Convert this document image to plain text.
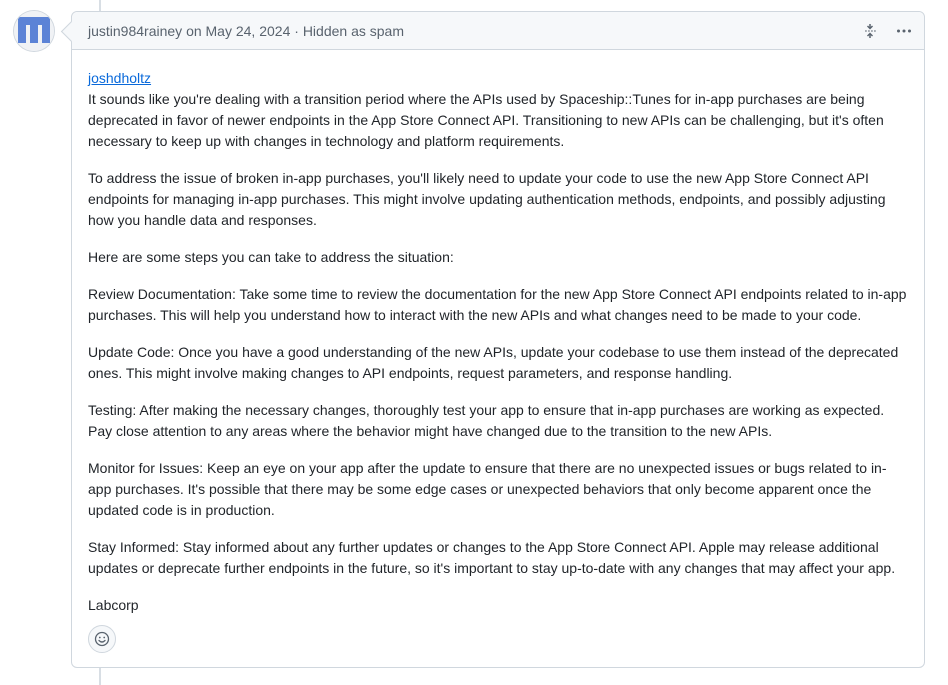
justin984rainey on May 24, 2024 · Hidden as spam

joshdholtz
It sounds like you're dealing with a transition period where the APIs used by Spaceship::Tunes for in-app purchases are being deprecated in favor of newer endpoints in the App Store Connect API. Transitioning to new APIs can be challenging, but it's often necessary to keep up with changes in technology and platform requirements.

To address the issue of broken in-app purchases, you'll likely need to update your code to use the new App Store Connect API endpoints for managing in-app purchases. This might involve updating authentication methods, endpoints, and possibly adjusting how you handle data and responses.

Here are some steps you can take to address the situation:

Review Documentation: Take some time to review the documentation for the new App Store Connect API endpoints related to in-app purchases. This will help you understand how to interact with the new APIs and what changes need to be made to your code.

Update Code: Once you have a good understanding of the new APIs, update your codebase to use them instead of the deprecated ones. This might involve making changes to API endpoints, request parameters, and response handling.

Testing: After making the necessary changes, thoroughly test your app to ensure that in-app purchases are working as expected. Pay close attention to any areas where the behavior might have changed due to the transition to the new APIs.

Monitor for Issues: Keep an eye on your app after the update to ensure that there are no unexpected issues or bugs related to in-app purchases. It's possible that there may be some edge cases or unexpected behaviors that only become apparent once the updated code is in production.

Stay Informed: Stay informed about any further updates or changes to the App Store Connect API. Apple may release additional updates or deprecate further endpoints in the future, so it's important to stay up-to-date with any changes that may affect your app.

Labcorp
